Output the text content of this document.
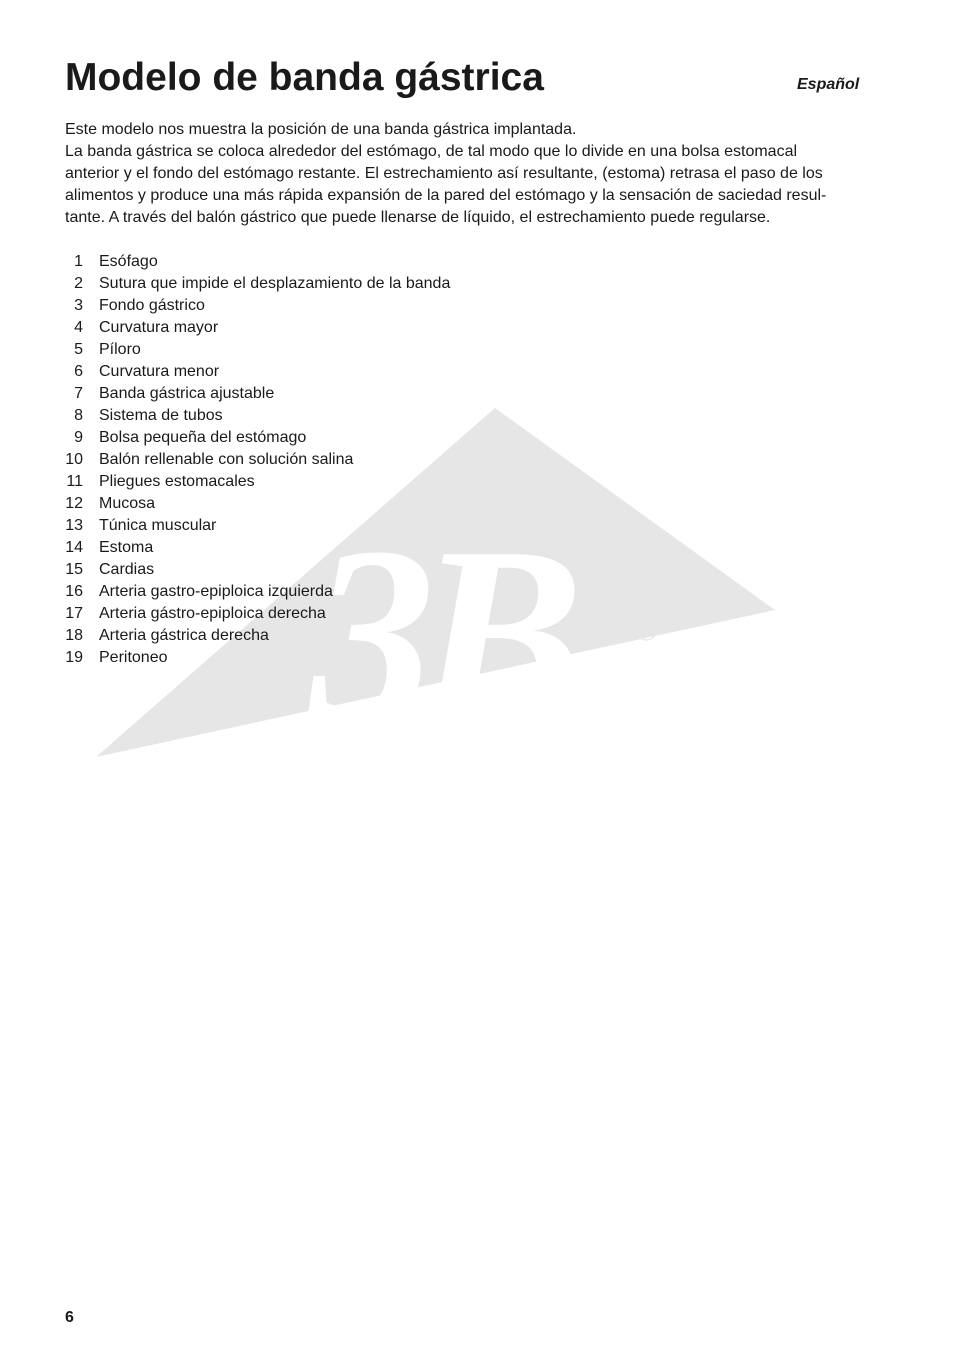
3B ®
Modelo de banda gástrica	Español

Este modelo nos muestra la posición de una banda gástrica implantada.

La banda gástrica se coloca alrededor del estómago, de tal modo que lo divide en una bolsa estomacal

anterior y el fondo del estómago restante. El estrechamiento así resultante, (estoma) retrasa el paso de los

alimentos y produce una más rápida expansión de la pared del estómago y la sensación de saciedad resul-

tante. A través del balón gástrico que puede llenarse de líquido, el estrechamiento puede regularse.

1 Esófago
2 Sutura que impide el desplazamiento de la banda
3 Fondo gástrico
4 Curvatura mayor
5 Píloro
6 Curvatura menor
7 Banda gástrica ajustable
8 Sistema de tubos
9 Bolsa pequeña del estómago
10 Balón rellenable con solución salina
11 Pliegues estomacales
12 Mucosa
13 Túnica muscular
14 Estoma
15 Cardias
16 Arteria gastro-epiploica izquierda
17 Arteria gástro-epiploica derecha
18 Arteria gástrica derecha
19 Peritoneo
6
